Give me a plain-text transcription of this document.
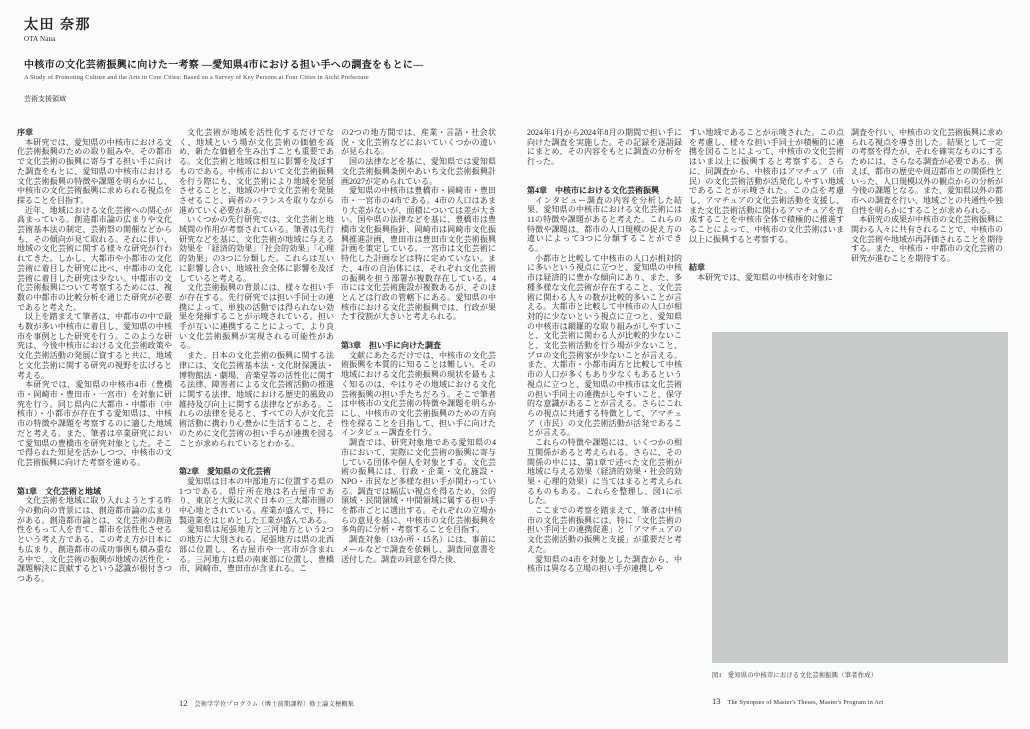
太田 奈那
OTA Nana
中核市の文化芸術振興に向けた一考察 ―愛知県4市における担い手への調査をもとに―
A Study of Promoting Culture and the Arts in Core Cities: Based on a Survey of Key Persons at Four Cities in Aichi Prefecture
芸術支援領域
序章

本研究では、愛知県の中核市における文化芸術振興のための取り組みや、その都市で文化芸術の振興に寄与する担い手に向けた調査をもとに、愛知県の中核市における文化芸術振興の特徴や課題を明らかにし、中核市の文化芸術振興に求められる視点を探ることを目指す。

近年、地域における文化芸術への関心が高まっている。創造都市論の広まりや文化芸術基本法の制定、芸術祭の開催などからも、その傾向が見て取れる。それに伴い、地域の文化芸術に関する様々な研究が行われてきた。しかし、大都市や小都市の文化芸術に着目した研究に比べ、中都市の文化芸術に着目した研究は少ない。中都市の文化芸術振興について考察するためには、複数の中都市の比較分析を通じた研究が必要であると考えた。

以上を踏まえて筆者は、中都市の中で最も数が多い中核市に着目し、愛知県の中核市を事例とした研究を行う。このような研究は、今後中核市における文化芸術政策や文化芸術活動の発展に資すると共に、地域と文化芸術に関する研究の視野を広げると考える。

本研究では、愛知県の中核市4市（豊橋市・岡崎市・豊田市・一宮市）を対象に研究を行う。同じ県内に大都市・中都市（中核市）・小都市が存在する愛知県は、中核市の特徴や課題を考察するのに適した地域だと考える。また、筆者は卒業研究において愛知県の豊橋市を研究対象とした。そこで得られた知見を活かしつつ、中核市の文化芸術振興に向けた考察を進める。

第1章　文化芸術と地域

文化芸術を地域に取り入れようとする昨今の動向の背景には、創造都市論の広まりがある。創造都市論とは、文化芸術の創造性をもって人を育て、都市を活性化させるという考え方である。この考え方が日本にも広まり、創造都市の成功事例も積み重なる中で、文化芸術の振興が地域の活性化・課題解決に貢献するという認識が根付きつつある。

文化芸術が地域を活性化するだけでなく、地域という場が文化芸術の価値を高め、新たな価値を生み出すことも重要である。文化芸術と地域は相互に影響を及ぼすものである。中核市において文化芸術振興を行う際にも、文化芸術により地域を発展させることと、地域の中で文化芸術を発展させること、両者のバランスを取りながら進めていく必要がある。

いくつかの先行研究では、文化芸術と地域間の作用が考察されている。筆者は先行研究などを基に、文化芸術が地域に与える効果を「経済的効果」「社会的効果」「心理的効果」の3つに分類した。これらは互いに影響し合い、地域社会全体に影響を及ぼしていると考える。

文化芸術振興の背景には、様々な担い手が存在する。先行研究では担い手同士の連携によって、単独の活動では得られない効果を発揮することが示唆されている。担い手が互いに連携することによって、より良い文化芸術振興が実現される可能性がある。

また、日本の文化芸術の振興に関する法律には、文化芸術基本法・文化財保護法・博物館法・劇場、音楽堂等の活性化に関する法律、障害者による文化芸術活動の推進に関する法律、地域における歴史的風致の維持及び向上に関する法律などがある。これらの法律を見ると、すべての人が文化芸術活動に携わり心豊かに生活すること、そのために文化芸術の担い手らが連携を図ることが求められているとわかる。

第2章　愛知県の文化芸術

愛知県は日本の中部地方に位置する県の1つである。県庁所在地は名古屋市であり、東京と大阪に次ぐ日本の三大都市圏の中心地とされている。産業が盛んで、特に製造業をはじめとした工業が盛んである。

愛知県は尾張地方と三河地方という2つの地方に大別される。尾張地方は県の北西部に位置し、名古屋市や一宮市が含まれる。三河地方は県の南東部に位置し、豊橋市、岡崎市、豊田市が含まれる。こ

の2つの地方間では、産業・言語・社会状況・文化芸術などにおいていくつかの違いが見られる。

国の法律などを基に、愛知県では愛知県文化芸術振興条例やあいち文化芸術振興計画2027が定められている。

愛知県の中核市は豊橋市・岡崎市・豊田市・一宮市の4市である。4市の人口はあまり大差がないが、面積については差が大きい。国や県の法律などを基に、豊橋市は豊橋市文化振興指針、岡崎市は岡崎市文化振興推進計画、豊田市は豊田市文化芸術振興計画を策定している。一宮市は文化芸術に特化した計画などは特に定めていない。また、4市の自治体には、それぞれ文化芸術の振興を担う部署が複数存在している。4市には文化芸術施設が複数あるが、そのほとんどは行政の管轄下にある。愛知県の中核市における文化芸術振興では、行政が果たす役割が大きいと考えられる。

第3章　担い手に向けた調査

文献にあたるだけでは、中核市の文化芸術振興を本質的に知ることは難しい。その地域における文化芸術振興の現状を最もよく知るのは、やはりその地域における文化芸術振興の担い手たちだろう。そこで筆者は中核市の文化芸術の特徴や課題を明らかにし、中核市の文化芸術振興のための方向性を探ることを目指して、担い手に向けたインタビュー調査を行う。

調査では、研究対象地である愛知県の4市において、実際に文化芸術の振興に寄与している団体や個人を対象とする。文化芸術の振興には、行政・企業・文化施設・NPO・市民など多様な担い手が関わっている。調査では幅広い視点を得るため、公的領域・民間領域・中間領域に属する担い手を都市ごとに選出する。それぞれの立場からの意見を基に、中核市の文化芸術振興を多角的に分析・考察することを目指す。

調査対象（13か所・15名）には、事前にメールなどで調査を依頼し、調査同意書を送付した。調査の同意を得た後、

2024年1月から2024年8月の期間で担い手に向けた調査を実施した。その記録を逐語録にまとめ、その内容をもとに調査の分析を行った。

第4章　中核市における文化芸術振興

インタビュー調査の内容を分析した結果、愛知県の中核市における文化芸術には11の特徴や課題があると考えた。これらの特徴や課題は、都市の人口規模の捉え方の違いによって3つに分類することができる。

小都市と比較して中核市の人口が相対的に多いという視点に立つと、愛知県の中核市は経済的に豊かな傾向にあり、また、多種多様な文化芸術が存在すること、文化芸術に関わる人々の数が比較的多いことが言える。大都市と比較して中核市の人口が相対的に少ないという視点に立つと、愛知県の中核市は網羅的な取り組みがしやすいこと、文化芸術に関わる人が比較的少ないこと、文化芸術活動を行う場が少ないこと、プロの文化芸術家が少ないことが言える。また、大都市・小都市両方と比較して中核市の人口が多くもあり少なくもあるという視点に立つと、愛知県の中核市は文化芸術の担い手同士の連携がしやすいこと、保守的な意識があることが言える。さらにこれらの視点に共通する特徴として、アマチュア（市民）の文化芸術活動が活発であることが言える。

これらの特徴や課題には、いくつかの相互関係があると考えられる。さらに、その関係の中には、第1章で述べた文化芸術が地域に与える効果（経済的効果・社会的効果・心理的効果）に当てはまると考えられるものもある。これらを整理し、図1に示した。

ここまでの考察を踏まえて、筆者は中核市の文化芸術振興には、特に「文化芸術の担い手同士の連携促進」と「アマチュアの文化芸術活動の振興と支援」が重要だと考えた。

愛知県の4市を対象とした調査から、中核市は異なる立場の担い手が連携しや

すい地域であることが示唆された。この点を考慮し、様々な担い手同士が積極的に連携を図ることによって、中核市の文化芸術はいま以上に振興すると考察する。さらに、同調査から、中核市はアマチュア（市民）の文化芸術活動が活発化しやすい地域であることが示唆された。この点を考慮し、アマチュアの文化芸術活動を支援し、また文化芸術活動に関わるアマチュアを育成することを中核市全体で積極的に推進することによって、中核市の文化芸術はいま以上に振興すると考察する。

結章

本研究では、愛知県の中核市を対象に

調査を行い、中核市の文化芸術振興に求められる視点を導き出した。結果として一定の考察を得たが、それを確実なものにするためには、さらなる調査が必要である。例えば、都市の歴史や周辺都市との関係性といった、人口規模以外の観点からの分析が今後の課題となる。また、愛知県以外の都市への調査を行い、地域ごとの共通性や独自性を明らかにすることが求められる。

本研究の成果が中核市の文化芸術振興に関わる人々に共有されることで、中核市の文化芸術や地域が再評価されることを期待する。また、中核市・中都市の文化芸術の研究が進むことを期待する。

図1 愛知県の中核市における文化芸術振興（筆者作成）
12 芸術学学位プログラム（博士前期課程）修士論文梗概集	13 The Synopses of Master's Theses, Master's Program in Art
